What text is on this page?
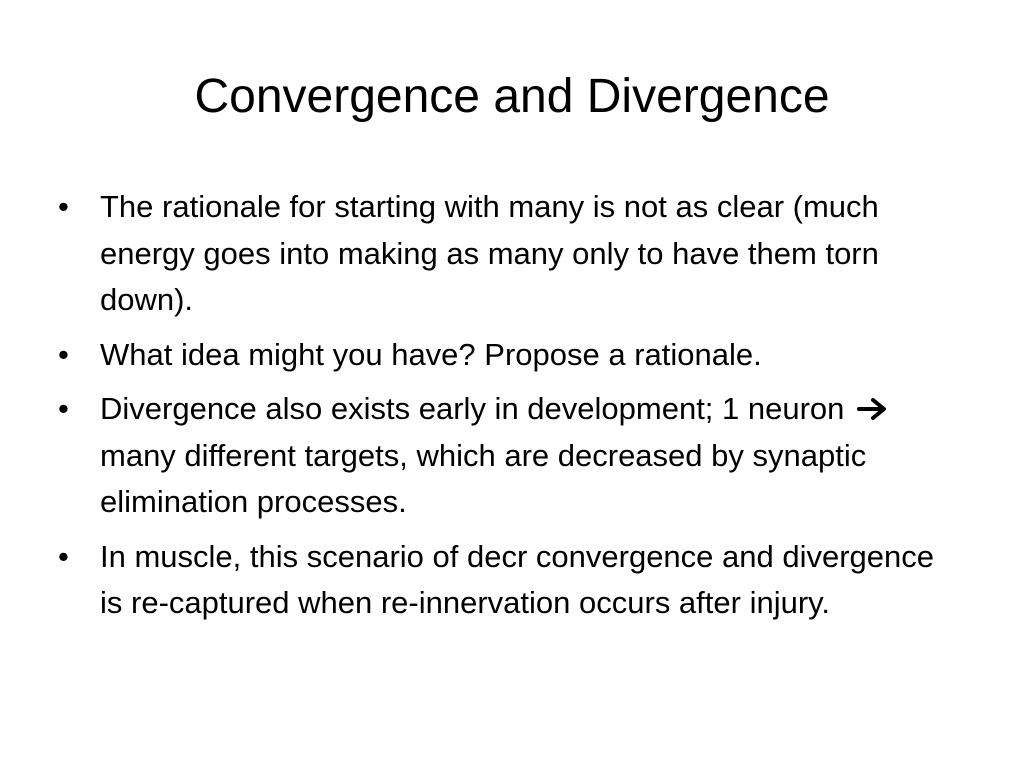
Convergence and Divergence
•	The rationale for starting with many is not as clear (much energy goes into making as many only to have them torn down).
•	What idea might you have? Propose a rationale.
•	Divergence also exists early in development; 1 neuron  many different targets, which are decreased by synaptic elimination processes.
•	In muscle, this scenario of decr convergence and divergence is re-captured when re-innervation occurs after injury.
